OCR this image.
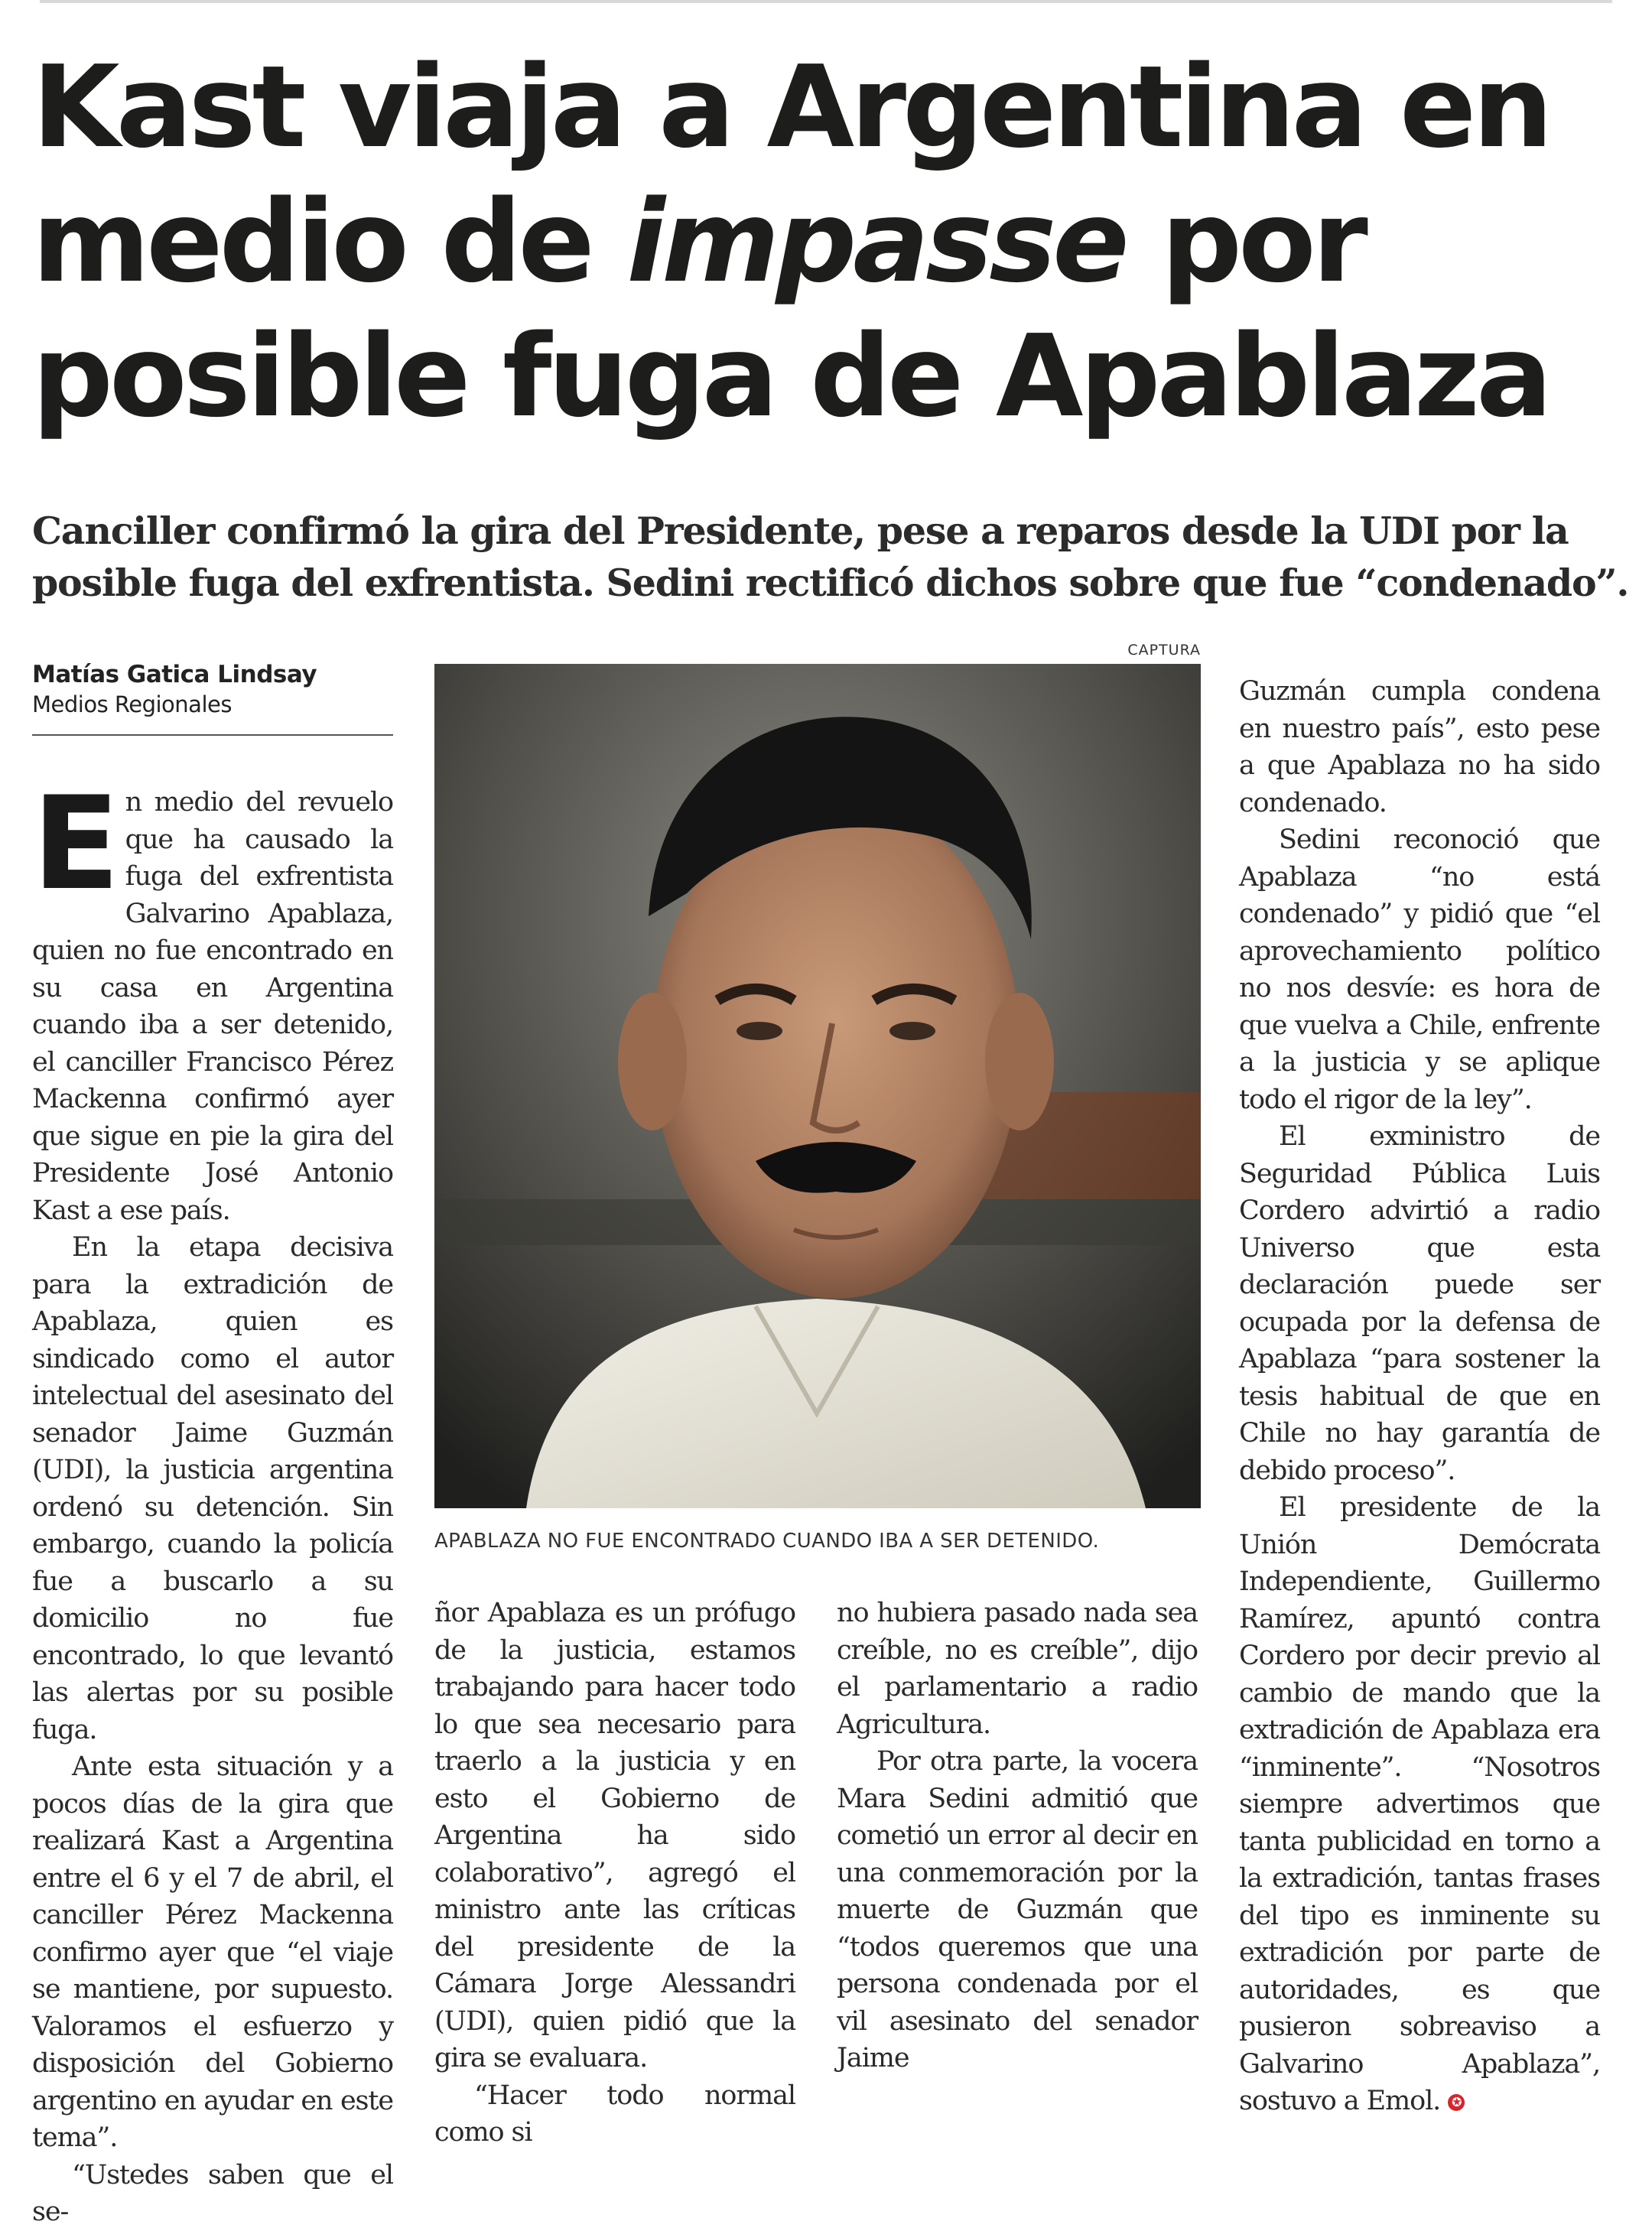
Kast viaja a Argentina en medio de impasse por posible fuga de Apablaza

Canciller confirmó la gira del Presidente, pese a reparos desde la UDI por la posible fuga del exfrentista. Sedini rectificó dichos sobre que fue “condenado”.

Matías Gatica Lindsay
Medios Regionales
CAPTURA
APABLAZA NO FUE ENCONTRADO CUANDO IBA A SER DETENIDO.

En medio del revuelo que ha causado la fuga del exfrentista Galvarino Apablaza, quien no fue encontrado en su casa en Argentina cuando iba a ser detenido, el canciller Francisco Pérez Mackenna confirmó ayer que sigue en pie la gira del Presidente José Antonio Kast a ese país.

En la etapa decisiva para la extradición de Apablaza, quien es sindicado como el autor intelectual del asesinato del senador Jaime Guzmán (UDI), la justicia argentina ordenó su detención. Sin embargo, cuando la policía fue a buscarlo a su domicilio no fue encontrado, lo que levantó las alertas por su posible fuga.

Ante esta situación y a pocos días de la gira que realizará Kast a Argentina entre el 6 y el 7 de abril, el canciller Pérez Mackenna confirmo ayer que “el viaje se mantiene, por supuesto. Valoramos el esfuerzo y disposición del Gobierno argentino en ayudar en este tema”.

“Ustedes saben que el se-

ñor Apablaza es un prófugo de la justicia, estamos trabajando para hacer todo lo que sea necesario para traerlo a la justicia y en esto el Gobierno de Argentina ha sido colaborativo”, agregó el ministro ante las críticas del presidente de la Cámara Jorge Alessandri (UDI), quien pidió que la gira se evaluara.

“Hacer todo normal como si

no hubiera pasado nada sea creíble, no es creíble”, dijo el parlamentario a radio Agricultura.

Por otra parte, la vocera Mara Sedini admitió que cometió un error al decir en una conmemoración por la muerte de Guzmán que “todos queremos que una persona condenada por el vil asesinato del senador Jaime

Guzmán cumpla condena en nuestro país”, esto pese a que Apablaza no ha sido condenado.

Sedini reconoció que Apablaza “no está condenado” y pidió que “el aprovechamiento político no nos desvíe: es hora de que vuelva a Chile, enfrente a la justicia y se aplique todo el rigor de la ley”.

El exministro de Seguridad Pública Luis Cordero advirtió a radio Universo que esta declaración puede ser ocupada por la defensa de Apablaza “para sostener la tesis habitual de que en Chile no hay garantía de debido proceso”.

El presidente de la Unión Demócrata Independiente, Guillermo Ramírez, apuntó contra Cordero por decir previo al cambio de mando que la extradición de Apablaza era “inminente”. “Nosotros siempre advertimos que tanta publicidad en torno a la extradición, tantas frases del tipo es inminente su extradición por parte de autoridades, es que pusieron sobreaviso a Galvarino Apablaza”, sostuvo a Emol. ✪
